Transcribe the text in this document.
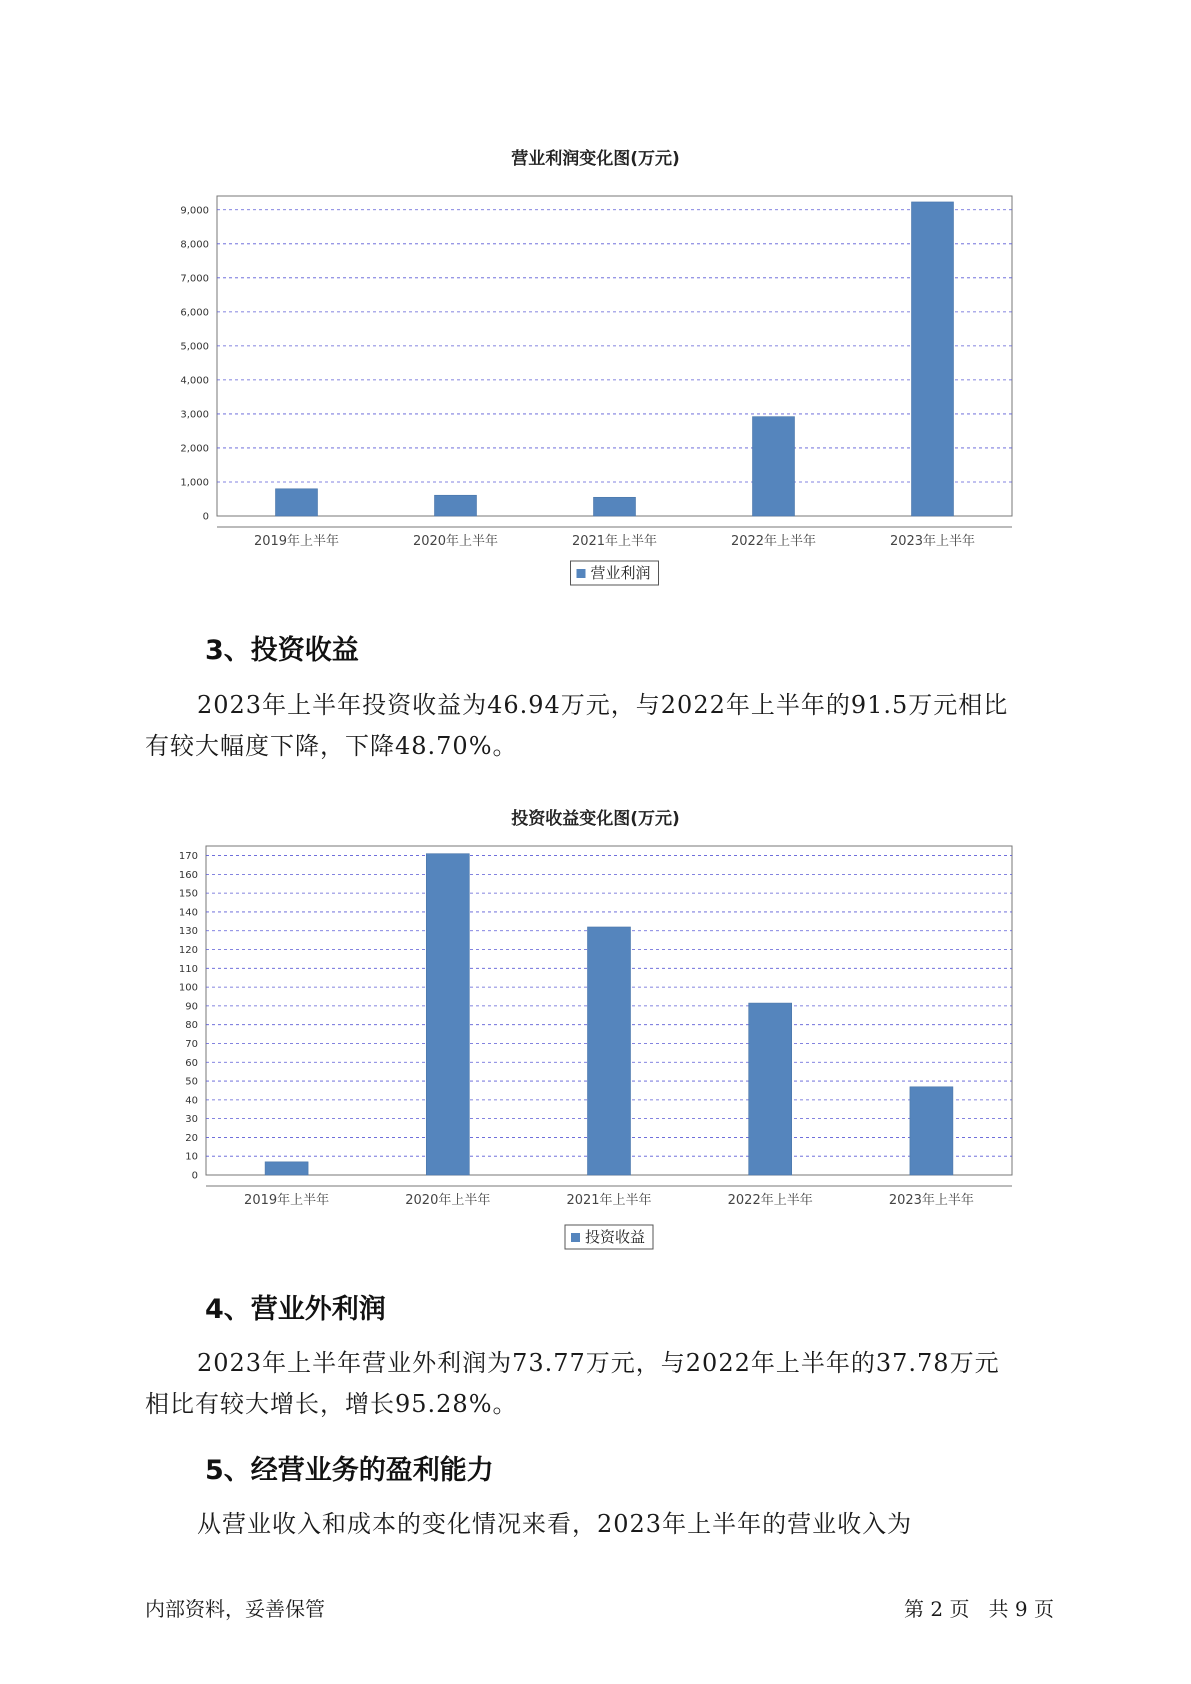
营业利润变化图(万元)
0
1,000
2,000
3,000
4,000
5,000
6,000
7,000
8,000
9,000
2019年上半年	2020年上半年	2021年上半年	2022年上半年	2023年上半年
营业利润
3、投资收益

2023年上半年投资收益为46.94万元，与2022年上半年的91.5万元相比
有较大幅度下降，下降48.70%。

投资收益变化图(万元)
0
10
20
30
40
50
60
70
80
90
100
110
120
130
140
150
160
170
2019年上半年	2020年上半年	2021年上半年	2022年上半年	2023年上半年
投资收益
4、营业外利润

2023年上半年营业外利润为73.77万元，与2022年上半年的37.78万元
相比有较大增长，增长95.28%。

5、经营业务的盈利能力

从营业收入和成本的变化情况来看，2023年上半年的营业收入为

内部资料，妥善保管	第 2 页   共 9 页
